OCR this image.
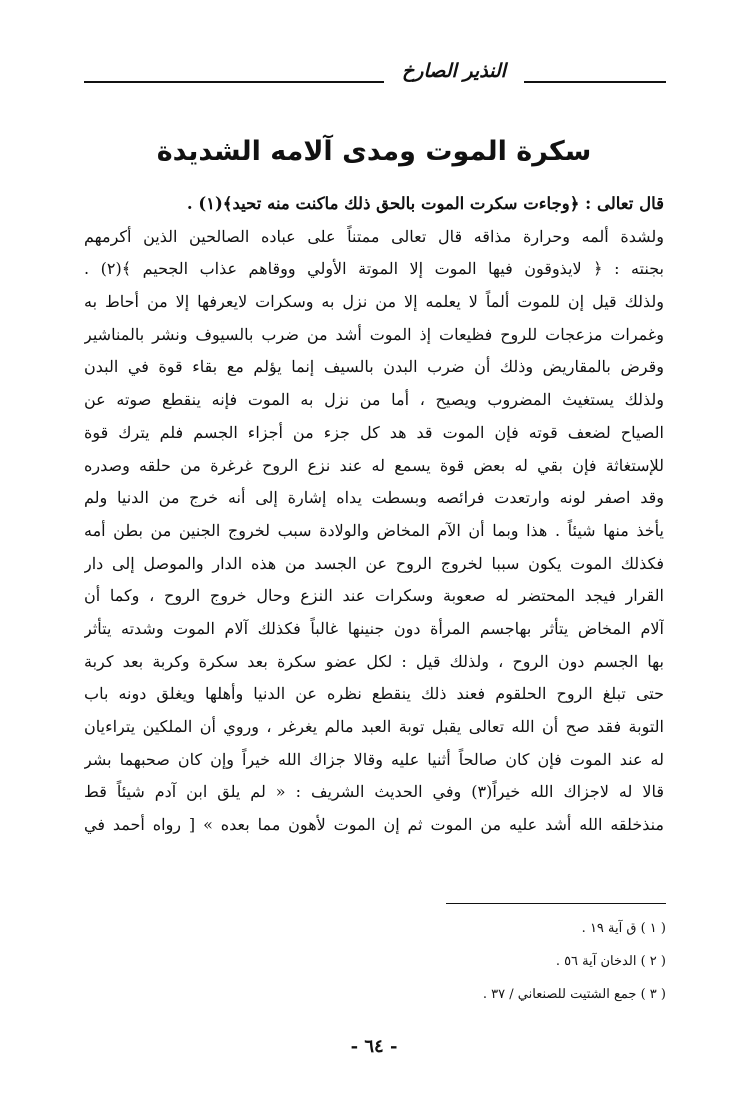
النذير الصارخ
سكرة الموت ومدى آلامه الشديدة
قال تعالى : ﴿وجاءت سكرت الموت بالحق ذلك ماكنت منه تحيد﴾(١) .
ولشدة ألمه وحرارة مذاقه قال تعالى ممتناً على عباده الصالحين الذين أكرمهم
بجنته : ﴿ لايذوقون فيها الموت إلا الموتة الأولي ووقاهم عذاب الجحيم ﴾(٢) .
ولذلك قيل إن للموت ألماً لا يعلمه إلا من نزل به وسكرات لايعرفها إلا من أحاط به
وغمرات مزعجات للروح فظيعات إذ الموت أشد من ضرب بالسيوف ونشر بالمناشير
وقرض بالمقاريض وذلك أن ضرب البدن بالسيف إنما يؤلم مع بقاء قوة في البدن
ولذلك يستغيث المضروب ويصيح ، أما من نزل به الموت فإنه ينقطع صوته عن
الصياح لضعف قوته فإن الموت قد هد كل جزء من أجزاء الجسم فلم يترك قوة
للإستغاثة فإن بقي له بعض قوة يسمع له عند نزع الروح غرغرة من حلقه وصدره
وقد اصفر لونه وارتعدت فرائصه وبسطت يداه إشارة إلى أنه خرج من الدنيا ولم
يأخذ منها شيئاً . هذا وبما أن الآم المخاض والولادة سبب لخروج الجنين من بطن أمه
فكذلك الموت يكون سببا لخروج الروح عن الجسد من هذه الدار والموصل إلى دار
القرار فيجد المحتضر له صعوبة وسكرات عند النزع وحال خروج الروح ، وكما أن
آلام المخاض يتأثر بهاجسم المرأة دون جنينها غالباً فكذلك آلام الموت وشدته يتأثر
بها الجسم دون الروح ، ولذلك قيل : لكل عضو سكرة بعد سكرة وكربة بعد كربة
حتى تبلغ الروح الحلقوم فعند ذلك ينقطع نظره عن الدنيا وأهلها ويغلق دونه باب
التوبة فقد صح أن الله تعالى يقبل توبة العبد مالم يغرغر ، وروي أن الملكين يتراءيان
له عند الموت فإن كان صالحاً أثنيا عليه وقالا جزاك الله خيراً وإن كان صحبهما بشر
قالا له لاجزاك الله خيراً(٣) وفي الحديث الشريف : « لم يلق ابن آدم شيئاً قط
منذخلقه الله أشد عليه من الموت ثم إن الموت لأهون مما بعده » [ رواه أحمد في
( ١ ) ق آية ١٩ .
( ٢ ) الدخان آية ٥٦ .
( ٣ ) جمع الشتيت للصنعاني / ٣٧ .
- ٦٤ -
